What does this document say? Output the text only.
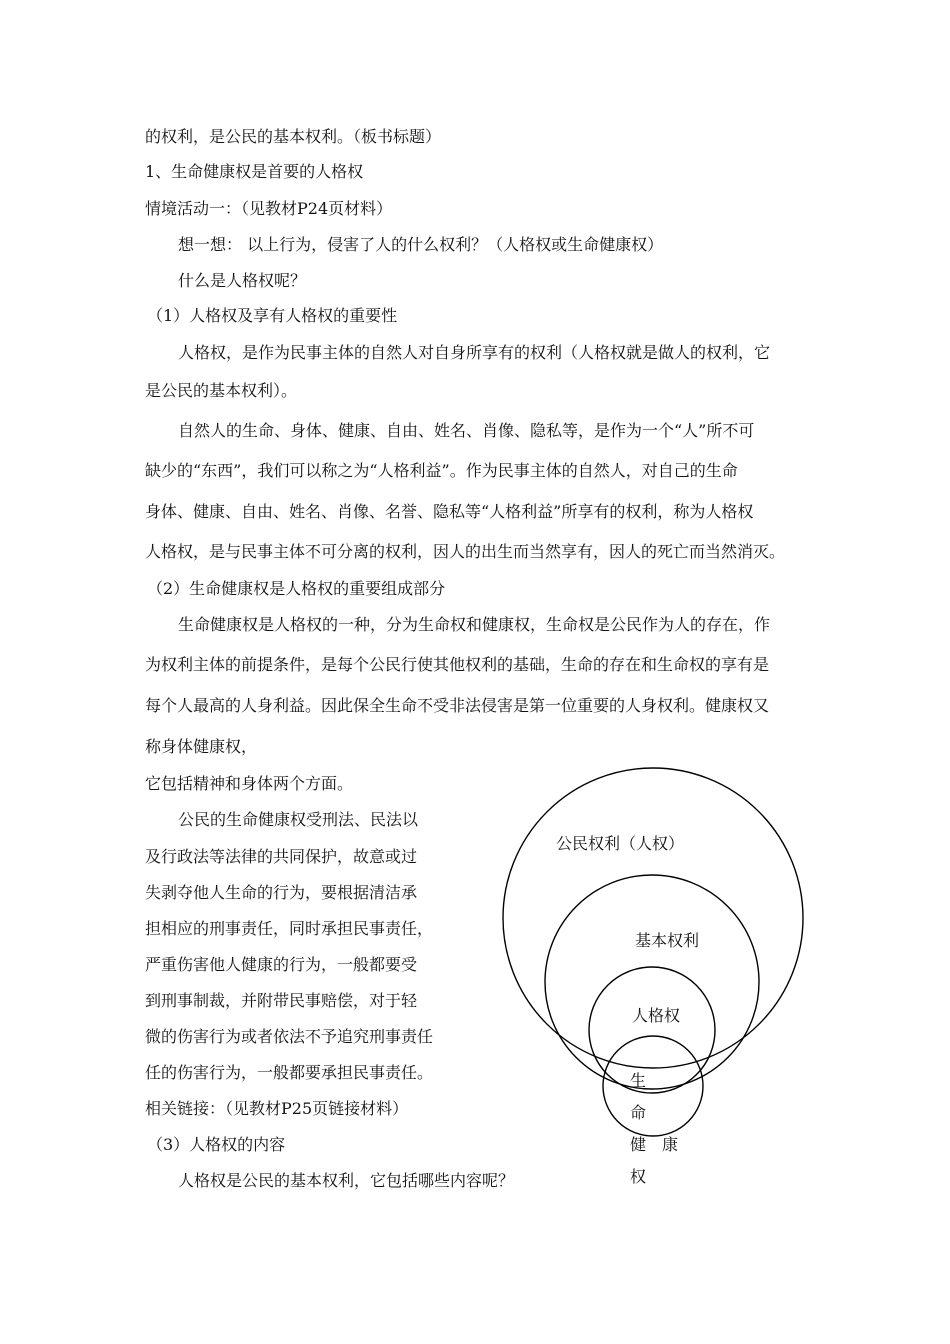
的权利，是公民的基本权利。（板书标题）
1、生命健康权是首要的人格权
情境活动一：（见教材P24页材料）
想一想： 以上行为，侵害了人的什么权利？（人格权或生命健康权）
什么是人格权呢？
（1）人格权及享有人格权的重要性
人格权，是作为民事主体的自然人对自身所享有的权利（人格权就是做人的权利，它
是公民的基本权利）。
自然人的生命、身体、健康、自由、姓名、肖像、隐私等，是作为一个“人”所不可
缺少的“东西”，我们可以称之为“人格利益”。作为民事主体的自然人，对自己的生命
身体、健康、自由、姓名、肖像、名誉、隐私等“人格利益”所享有的权利，称为人格权
人格权，是与民事主体不可分离的权利，因人的出生而当然享有，因人的死亡而当然消灭。
（2）生命健康权是人格权的重要组成部分
生命健康权是人格权的一种，分为生命权和健康权，生命权是公民作为人的存在，作
为权利主体的前提条件，是每个公民行使其他权利的基础，生命的存在和生命权的享有是
每个人最高的人身利益。因此保全生命不受非法侵害是第一位重要的人身权利。健康权又
称身体健康权，
它包括精神和身体两个方面。
公民的生命健康权受刑法、民法以
及行政法等法律的共同保护，故意或过
失剥夺他人生命的行为，要根据清洁承
担相应的刑事责任，同时承担民事责任，
严重伤害他人健康的行为，一般都要受
到刑事制裁，并附带民事赔偿，对于轻
微的伤害行为或者依法不予追究刑事责任
任的伤害行为，一般都要承担民事责任。
相关链接：（见教材P25页链接材料）
（3）人格权的内容
人格权是公民的基本权利，它包括哪些内容呢？
公民权利（人权）
基本权利
人格权
生
命
健　康
权
